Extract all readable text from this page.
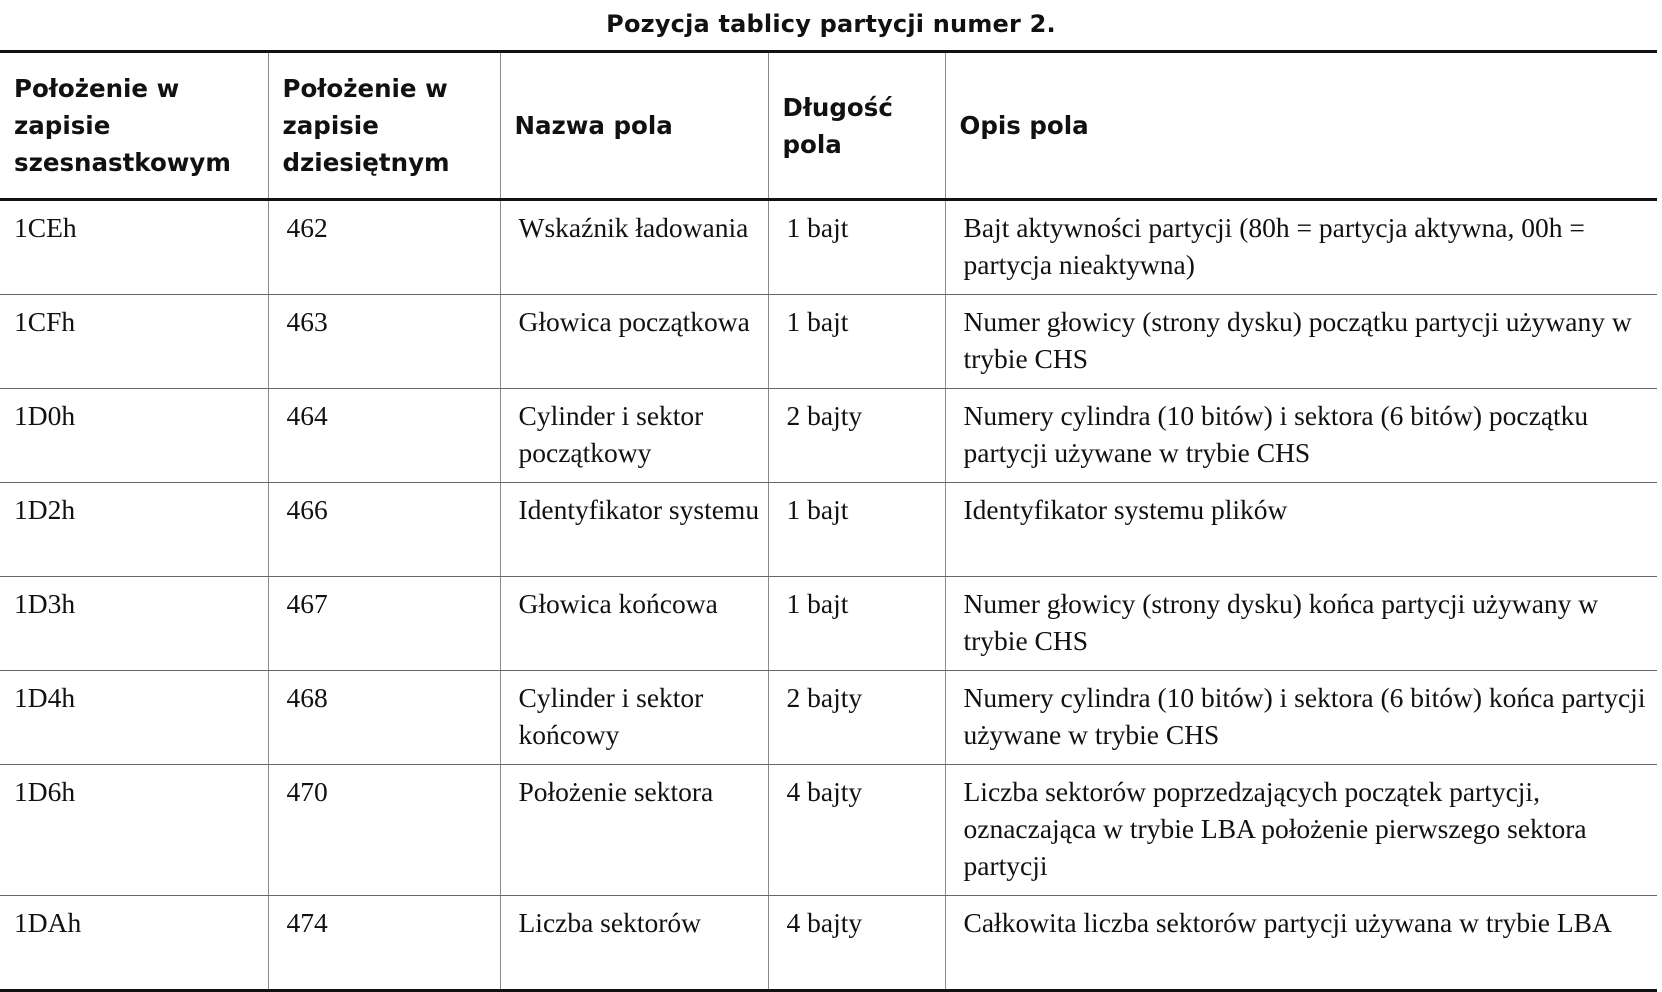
Pozycja tablicy partycji numer 2.
Położenie w zapisie szesnastkowym	Położenie w zapisie dziesiętnym	Nazwa pola	Długość pola	Opis pola
1CEh	462	Wskaźnik ładowania	1 bajt	Bajt aktywności partycji (80h = partycja aktywna, 00h = partycja nieaktywna)
1CFh	463	Głowica początkowa	1 bajt	Numer głowicy (strony dysku) początku partycji używany w trybie CHS
1D0h	464	Cylinder i sektor początkowy	2 bajty	Numery cylindra (10 bitów) i sektora (6 bitów) początku partycji używane w trybie CHS
1D2h	466	Identyfikator systemu	1 bajt	Identyfikator systemu plików
1D3h	467	Głowica końcowa	1 bajt	Numer głowicy (strony dysku) końca partycji używany w trybie CHS
1D4h	468	Cylinder i sektor końcowy	2 bajty	Numery cylindra (10 bitów) i sektora (6 bitów) końca partycji używane w trybie CHS
1D6h	470	Położenie sektora	4 bajty	Liczba sektorów poprzedzających początek partycji, oznaczająca w trybie LBA położenie pierwszego sektora partycji
1DAh	474	Liczba sektorów	4 bajty	Całkowita liczba sektorów partycji używana w trybie LBA
